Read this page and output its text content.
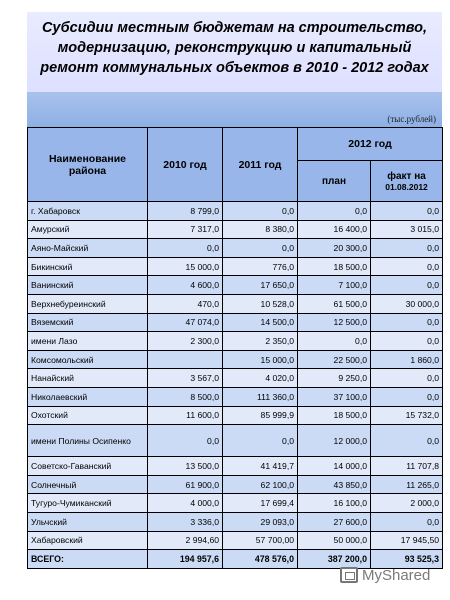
Субсидии местным бюджетам на строительство,
модернизацию, реконструкцию и капитальный
ремонт коммунальных объектов в 2010 - 2012 годах
(тыс.рублей)
Наименование района	2010 год	2011 год	2012 год	
			план	факт на
01.08.2012

г. Хабаровск	8 799,0	0,0	0,0	0,0
Амурский	7 317,0	8 380,0	16 400,0	3 015,0
Аяно-Майский	0,0	0,0	20 300,0	0,0
Бикинский	15 000,0	776,0	18 500,0	0,0
Ванинский	4 600,0	17 650,0	7 100,0	0,0
Верхнебуреинский	470,0	10 528,0	61 500,0	30 000,0
Вяземский	47 074,0	14 500,0	12 500,0	0,0
имени Лазо	2 300,0	2 350,0	0,0	0,0
Комсомольский		15 000,0	22 500,0	1 860,0
Нанайский	3 567,0	4 020,0	9 250,0	0,0
Николаевский	8 500,0	111 360,0	37 100,0	0,0
Охотский	11 600,0	85 999,9	18 500,0	15 732,0
имени Полины Осипенко	0,0	0,0	12 000,0	0,0
Советско-Гаванский	13 500,0	41 419,7	14 000,0	11 707,8
Солнечный	61 900,0	62 100,0	43 850,0	11 265,0
Тугуро-Чумиканский	4 000,0	17 699,4	16 100,0	2 000,0
Ульчский	3 336,0	29 093,0	27 600,0	0,0
Хабаровский	2 994,60	57 700,00	50 000,0	17 945,50
ВСЕГО:	194 957,6	478 576,0	387 200,0	93 525,3
MyShared
